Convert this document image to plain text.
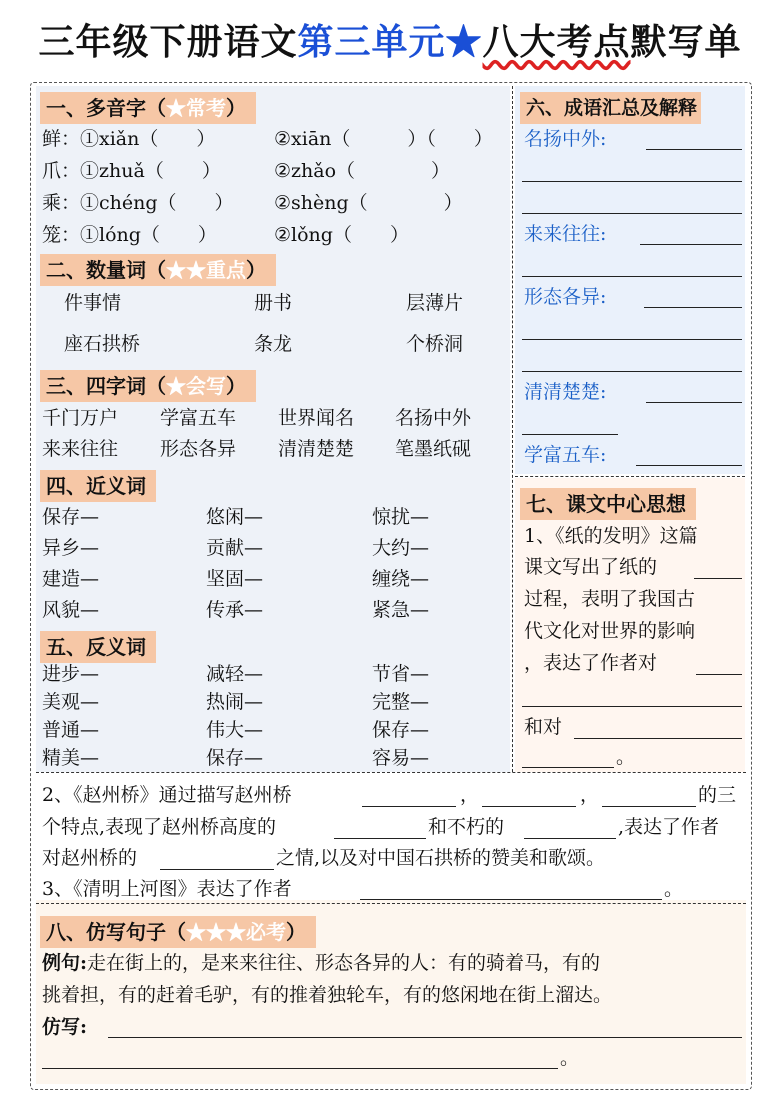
三年级下册语文第三单元★八大考点默写单
一、多音字（★常考）
鲜：①xiǎn（　　）	②xiān（　　　）（　　）
爪：①zhuǎ（　　）	②zhǎo（　　　　）
乘：①chéng（　　） ②shèng（　　　　）
笼：①lóng（　　）	②lǒng（　　）
二、数量词（★★重点）
件事情	册书	层薄片
座石拱桥	条龙	个桥洞
三、四字词（★会写）
千门万户 学富五车 世界闻名 名扬中外
来来往往 形态各异 清清楚楚 笔墨纸砚
四、近义词
保存—	悠闲—	惊扰—
异乡—	贡献—	大约—
建造—	坚固—	缠绕—
风貌—	传承—	紧急—
五、反义词
进步—	减轻—	节省—
美观—	热闹—	完整—
普通—	伟大—	保存—
精美—	保存—	容易—
六、成语汇总及解释
名扬中外:
来来往往:
形态各异:
清清楚楚:
学富五车:
七、课文中心思想
1、《纸的发明》这篇
课文写出了纸的
过程，表明了我国古
代文化对世界的影响
，表达了作者对
和对
。
2、《赵州桥》通过描写赵州桥	，	，	的三
个特点,表现了赵州桥高度的	和不朽的	,表达了作者
对赵州桥的	之情,以及对中国石拱桥的赞美和歌颂。
3、《清明上河图》表达了作者	。
八、仿写句子（★★★必考）
例句:走在街上的，是来来往往、形态各异的人：有的骑着马，有的
挑着担，有的赶着毛驴，有的推着独轮车，有的悠闲地在街上溜达。
仿写:
。
